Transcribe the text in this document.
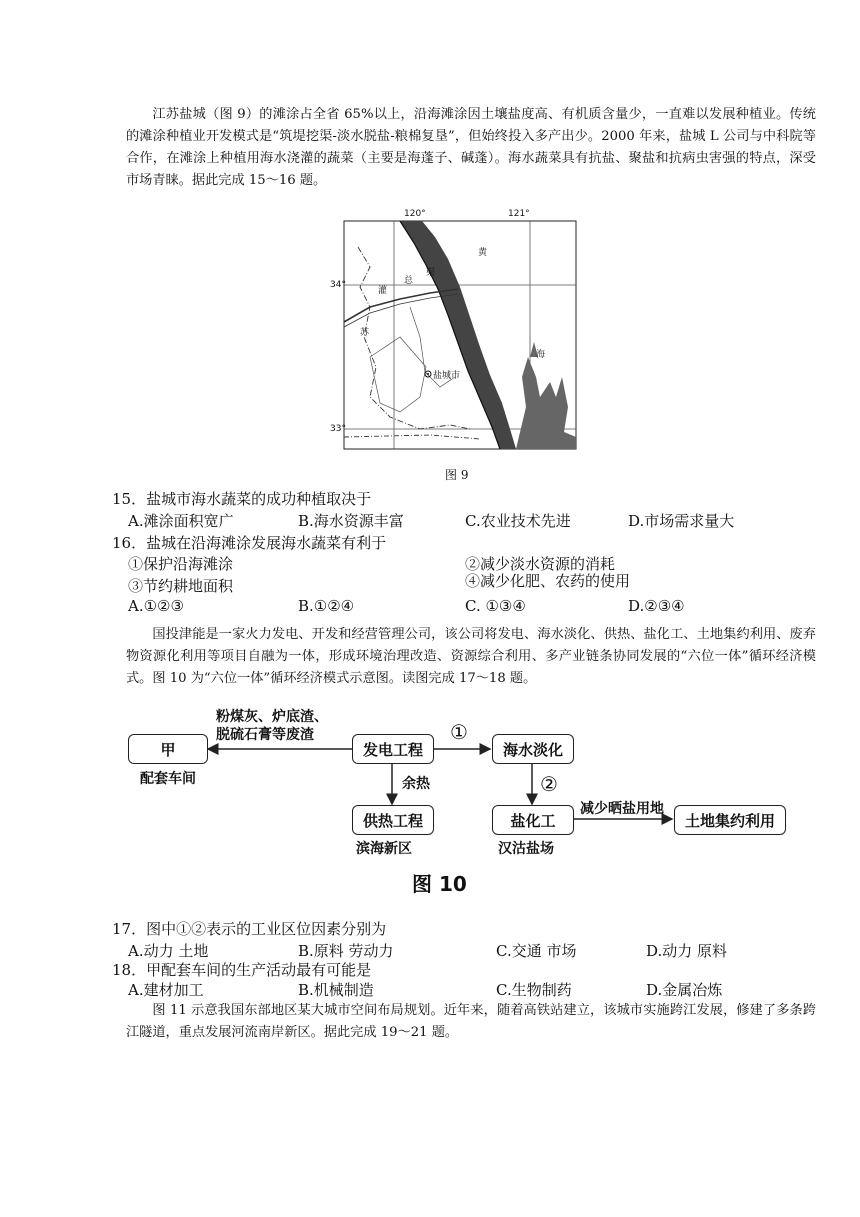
江苏盐城（图 9）的滩涂占全省 65%以上，沿海滩涂因土壤盐度高、有机质含量少，一直难以发展种植业。传统的滩涂种植业开发模式是“筑堤挖渠-淡水脱盐-粮棉复垦”，但始终投入多产出少。2000 年来，盐城 L 公司与中科院等合作，在滩涂上种植用海水浇灌的蔬菜（主要是海蓬子、碱蓬）。海水蔬菜具有抗盐、聚盐和抗病虫害强的特点，深受市场青睐。据此完成 15～16 题。
120°	121°
34°
33°
黄
海
灌
总
渠
苏
盐城市
图 9
15．盐城市海水蔬菜的成功种植取决于
A.滩涂面积宽广	B.海水资源丰富	C.农业技术先进	D.市场需求量大
16．盐城在沿海滩涂发展海水蔬菜有利于
①保护沿海滩涂	②减少淡水资源的消耗
③节约耕地面积	④减少化肥、农药的使用
A.①②③	B.①②④	C. ①③④	D.②③④
国投津能是一家火力发电、开发和经营管理公司，该公司将发电、海水淡化、供热、盐化工、土地集约利用、废弃物资源化利用等项目自融为一体，形成环境治理改造、资源综合利用、多产业链条协同发展的“六位一体”循环经济模式。图 10 为“六位一体”循环经济模式示意图。读图完成 17～18 题。
甲
配套车间
粉煤灰、炉底渣、
脱硫石膏等废渣
发电工程
①
海水淡化
余热	②
供热工程
滨海新区
盐化工
汉沽盐场
减少晒盐用地
土地集约利用
图 10
17．图中①②表示的工业区位因素分别为
A.动力 土地	B.原料 劳动力	C.交通 市场	D.动力 原料
18．甲配套车间的生产活动最有可能是
A.建材加工	B.机械制造	C.生物制药	D.金属冶炼
图 11 示意我国东部地区某大城市空间布局规划。近年来，随着高铁站建立，该城市实施跨江发展，修建了多条跨江隧道，重点发展河流南岸新区。据此完成 19～21 题。
